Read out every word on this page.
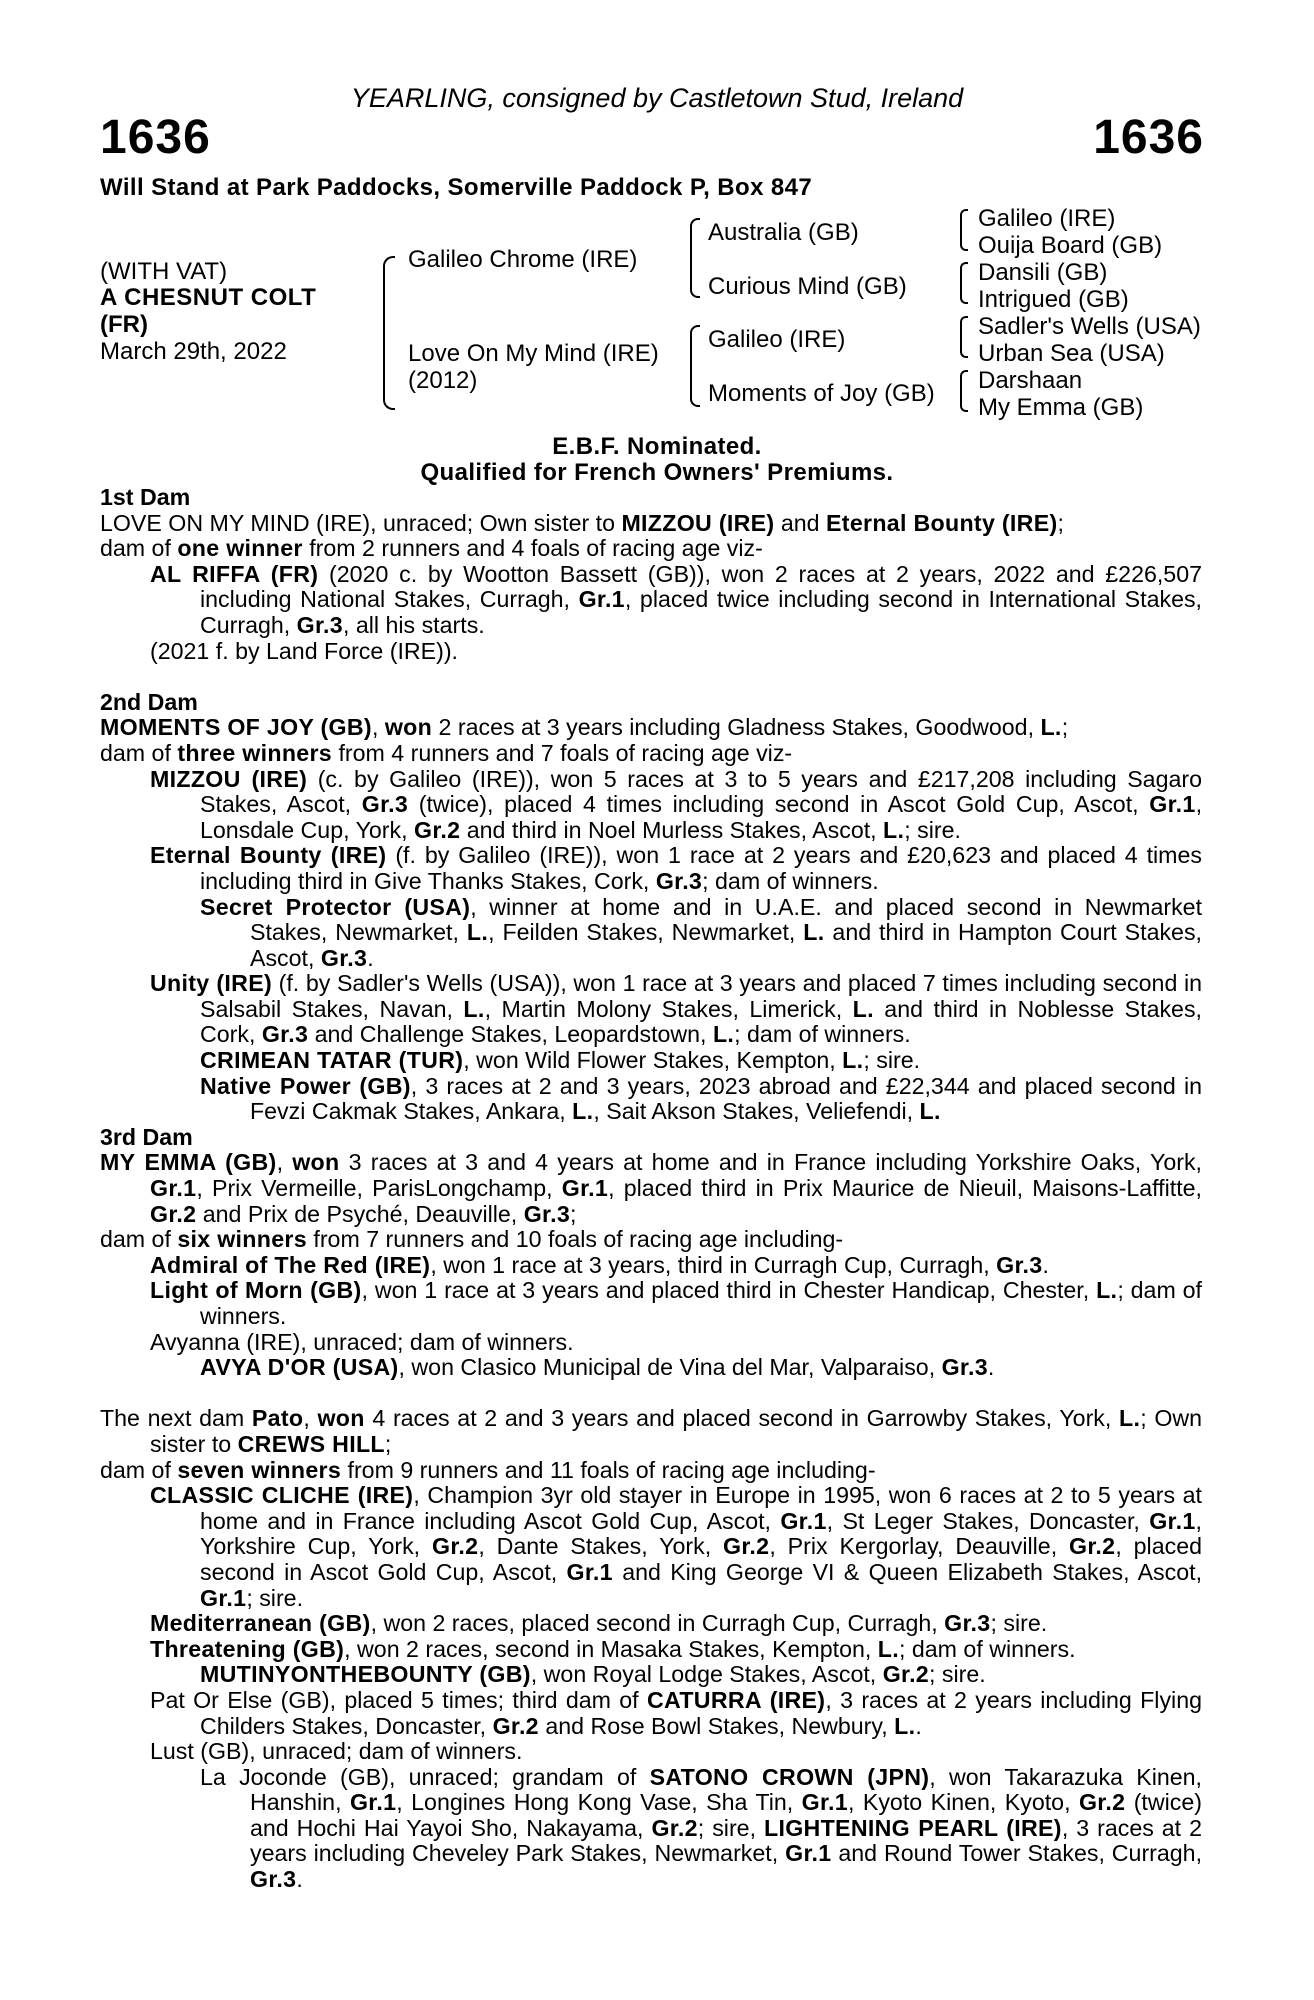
YEARLING, consigned by Castletown Stud, Ireland
1636	1636
Will Stand at Park Paddocks, Somerville Paddock P, Box 847
(WITH VAT)
A CHESNUT COLT
(FR)
March 29th, 2022
Galileo Chrome (IRE)
Love On My Mind (IRE)
(2012)
Australia (GB)
Curious Mind (GB)
Galileo (IRE)
Moments of Joy (GB)
Galileo (IRE)
Ouija Board (GB)
Dansili (GB)
Intrigued (GB)
Sadler's Wells (USA)
Urban Sea (USA)
Darshaan
My Emma (GB)
E.B.F. Nominated.
Qualified for French Owners' Premiums.
1st Dam

LOVE ON MY MIND (IRE), unraced; Own sister to MIZZOU (IRE) and Eternal Bounty (IRE);

dam of one winner from 2 runners and 4 foals of racing age viz-

AL RIFFA (FR) (2020 c. by Wootton Bassett (GB)), won 2 races at 2 years, 2022 and £226,507 including National Stakes, Curragh, Gr.1, placed twice including second in International Stakes, Curragh, Gr.3, all his starts.

(2021 f. by Land Force (IRE)).

2nd Dam

MOMENTS OF JOY (GB), won 2 races at 3 years including Gladness Stakes, Goodwood, L.;

dam of three winners from 4 runners and 7 foals of racing age viz-

MIZZOU (IRE) (c. by Galileo (IRE)), won 5 races at 3 to 5 years and £217,208 including Sagaro Stakes, Ascot, Gr.3 (twice), placed 4 times including second in Ascot Gold Cup, Ascot, Gr.1, Lonsdale Cup, York, Gr.2 and third in Noel Murless Stakes, Ascot, L.; sire.

Eternal Bounty (IRE) (f. by Galileo (IRE)), won 1 race at 2 years and £20,623 and placed 4 times including third in Give Thanks Stakes, Cork, Gr.3; dam of winners.

Secret Protector (USA), winner at home and in U.A.E. and placed second in Newmarket Stakes, Newmarket, L., Feilden Stakes, Newmarket, L. and third in Hampton Court Stakes, Ascot, Gr.3.

Unity (IRE) (f. by Sadler's Wells (USA)), won 1 race at 3 years and placed 7 times including second in Salsabil Stakes, Navan, L., Martin Molony Stakes, Limerick, L. and third in Noblesse Stakes, Cork, Gr.3 and Challenge Stakes, Leopardstown, L.; dam of winners.

CRIMEAN TATAR (TUR), won Wild Flower Stakes, Kempton, L.; sire.

Native Power (GB), 3 races at 2 and 3 years, 2023 abroad and £22,344 and placed second in Fevzi Cakmak Stakes, Ankara, L., Sait Akson Stakes, Veliefendi, L.

3rd Dam

MY EMMA (GB), won 3 races at 3 and 4 years at home and in France including Yorkshire Oaks, York, Gr.1, Prix Vermeille, ParisLongchamp, Gr.1, placed third in Prix Maurice de Nieuil, Maisons-Laffitte, Gr.2 and Prix de Psyché, Deauville, Gr.3;

dam of six winners from 7 runners and 10 foals of racing age including-

Admiral of The Red (IRE), won 1 race at 3 years, third in Curragh Cup, Curragh, Gr.3.

Light of Morn (GB), won 1 race at 3 years and placed third in Chester Handicap, Chester, L.; dam of winners.

Avyanna (IRE), unraced; dam of winners.

AVYA D'OR (USA), won Clasico Municipal de Vina del Mar, Valparaiso, Gr.3.

The next dam Pato, won 4 races at 2 and 3 years and placed second in Garrowby Stakes, York, L.; Own sister to CREWS HILL;

dam of seven winners from 9 runners and 11 foals of racing age including-

CLASSIC CLICHE (IRE), Champion 3yr old stayer in Europe in 1995, won 6 races at 2 to 5 years at home and in France including Ascot Gold Cup, Ascot, Gr.1, St Leger Stakes, Doncaster, Gr.1, Yorkshire Cup, York, Gr.2, Dante Stakes, York, Gr.2, Prix Kergorlay, Deauville, Gr.2, placed second in Ascot Gold Cup, Ascot, Gr.1 and King George VI & Queen Elizabeth Stakes, Ascot, Gr.1; sire.

Mediterranean (GB), won 2 races, placed second in Curragh Cup, Curragh, Gr.3; sire.

Threatening (GB), won 2 races, second in Masaka Stakes, Kempton, L.; dam of winners.

MUTINYONTHEBOUNTY (GB), won Royal Lodge Stakes, Ascot, Gr.2; sire.

Pat Or Else (GB), placed 5 times; third dam of CATURRA (IRE), 3 races at 2 years including Flying Childers Stakes, Doncaster, Gr.2 and Rose Bowl Stakes, Newbury, L..

Lust (GB), unraced; dam of winners.

La Joconde (GB), unraced; grandam of SATONO CROWN (JPN), won Takarazuka Kinen, Hanshin, Gr.1, Longines Hong Kong Vase, Sha Tin, Gr.1, Kyoto Kinen, Kyoto, Gr.2 (twice) and Hochi Hai Yayoi Sho, Nakayama, Gr.2; sire, LIGHTENING PEARL (IRE), 3 races at 2 years including Cheveley Park Stakes, Newmarket, Gr.1 and Round Tower Stakes, Curragh, Gr.3.
